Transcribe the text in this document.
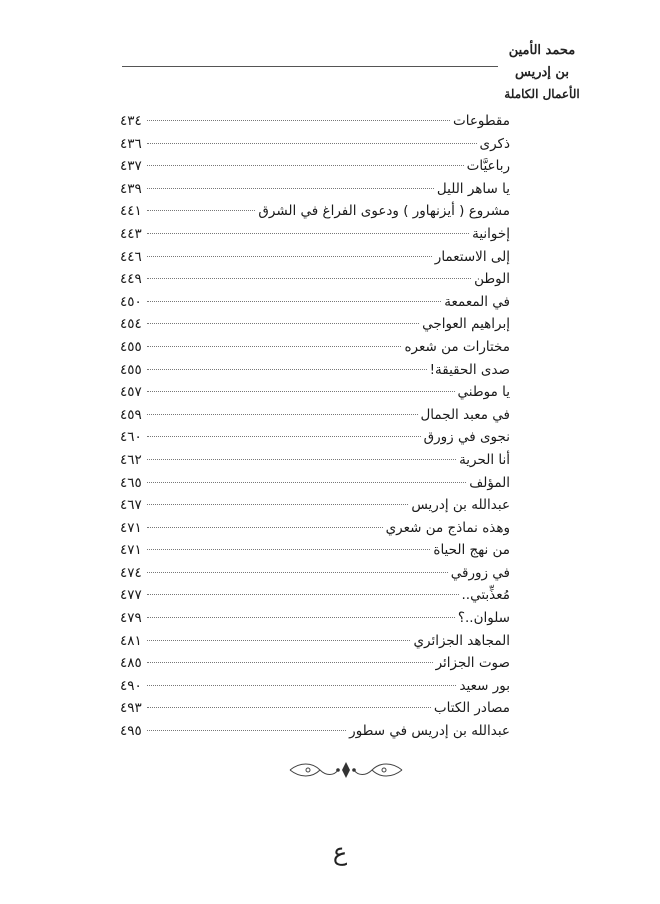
محمد الأمين بن إدريس
الأعمال الكاملة
مقطوعات
٤٣٤
ذكرى
٤٣٦
رباعيَّات
٤٣٧
يا ساهر الليل
٤٣٩
مشروع ( أيزنهاور ) ودعوى الفراغ في الشرق
٤٤١
إخوانية
٤٤٣
إلى الاستعمار
٤٤٦
الوطن
٤٤٩
في المعمعة
٤٥٠
إبراهيم العواجي
٤٥٤
مختارات من شعره
٤٥٥
صدى الحقيقة!
٤٥٥
يا موطني
٤٥٧
في معبد الجمال
٤٥٩
نجوى في زورق
٤٦٠
أنا الحرية
٤٦٢
المؤلف
٤٦٥
عبدالله بن إدريس
٤٦٧
وهذه نماذج من شعري
٤٧١
من نهج الحياة
٤٧١
في زورقي
٤٧٤
مُعذِّبتي..
٤٧٧
سلوان..؟
٤٧٩
المجاهد الجزائري
٤٨١
صوت الجزائر
٤٨٥
بور سعيد
٤٩٠
مصادر الكتاب
٤٩٣
عبدالله بن إدريس في سطور
٤٩٥
ع
